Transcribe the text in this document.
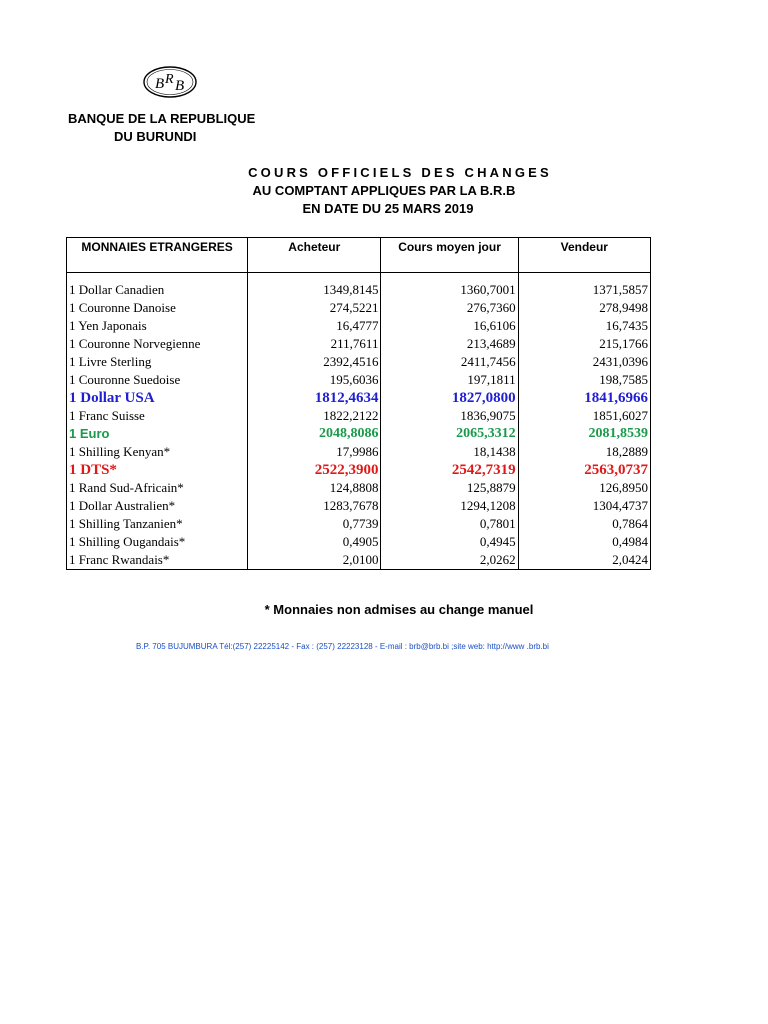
B R B
BANQUE DE LA REPUBLIQUE
DU BURUNDI
COURS OFFICIELS DES CHANGES
AU COMPTANT APPLIQUES PAR LA B.R.B
EN DATE DU 25 MARS 2019
MONNAIES ETRANGERES	Acheteur	Cours moyen jour	Vendeur

1 Dollar Canadien	1349,8145	1360,7001	1371,5857
1 Couronne Danoise	274,5221	276,7360	278,9498
1 Yen Japonais	16,4777	16,6106	16,7435
1 Couronne Norvegienne	211,7611	213,4689	215,1766
1 Livre Sterling	2392,4516	2411,7456	2431,0396
1 Couronne Suedoise	195,6036	197,1811	198,7585
1 Dollar USA	1812,4634	1827,0800	1841,6966
1 Franc Suisse	1822,2122	1836,9075	1851,6027
1 Euro	2048,8086	2065,3312	2081,8539
1 Shilling Kenyan*	17,9986	18,1438	18,2889
1 DTS*	2522,3900	2542,7319	2563,0737
1 Rand Sud-Africain*	124,8808	125,8879	126,8950
1 Dollar Australien*	1283,7678	1294,1208	1304,4737
1 Shilling Tanzanien*	0,7739	0,7801	0,7864
1 Shilling Ougandais*	0,4905	0,4945	0,4984
1 Franc Rwandais*	2,0100	2,0262	2,0424
* Monnaies non admises au change manuel
B.P. 705 BUJUMBURA Tél:(257) 22225142 - Fax : (257) 22223128 - E-mail : brb@brb.bi ;site web: http://www .brb.bi
